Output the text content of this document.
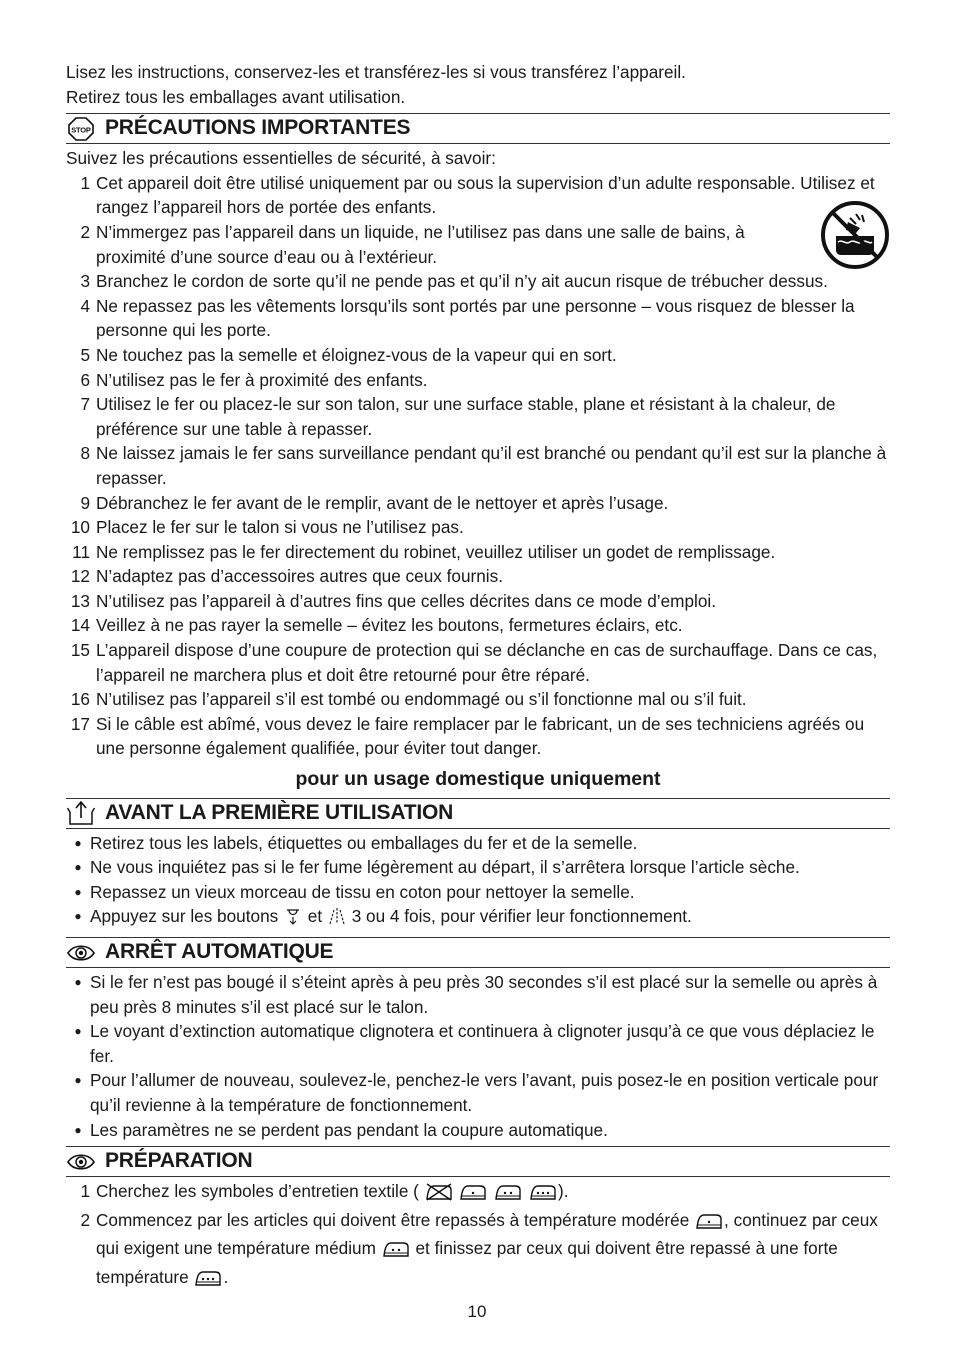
Lisez les instructions, conservez-les et transférez-les si vous transférez l’appareil.

Retirez tous les emballages avant utilisation.

STOP PRÉCAUTIONS IMPORTANTES

Suivez les précautions essentielles de sécurité, à savoir:

1 Cet appareil doit être utilisé uniquement par ou sous la supervision d’un adulte responsable. Utilisez et rangez l’appareil hors de portée des enfants.
2 N’immergez pas l’appareil dans un liquide, ne l’utilisez pas dans une salle de bains, à proximité d’une source d’eau ou à l’extérieur.
3 Branchez le cordon de sorte qu’il ne pende pas et qu’il n’y ait aucun risque de trébucher dessus.
4 Ne repassez pas les vêtements lorsqu’ils sont portés par une personne – vous risquez de blesser la personne qui les porte.
5 Ne touchez pas la semelle et éloignez-vous de la vapeur qui en sort.
6 N’utilisez pas le fer à proximité des enfants.
7 Utilisez le fer ou placez-le sur son talon, sur une surface stable, plane et résistant à la chaleur, de préférence sur une table à repasser.
8 Ne laissez jamais le fer sans surveillance pendant qu’il est branché ou pendant qu’il est sur la planche à repasser.
9 Débranchez le fer avant de le remplir, avant de le nettoyer et après l’usage.
10 Placez le fer sur le talon si vous ne l’utilisez pas.
11 Ne remplissez pas le fer directement du robinet, veuillez utiliser un godet de remplissage.
12 N’adaptez pas d’accessoires autres que ceux fournis.
13 N’utilisez pas l’appareil à d’autres fins que celles décrites dans ce mode d’emploi.
14 Veillez à ne pas rayer la semelle – évitez les boutons, fermetures éclairs, etc.
15 L’appareil dispose d’une coupure de protection qui se déclanche en cas de surchauffage. Dans ce cas, l’appareil ne marchera plus et doit être retourné pour être réparé.
16 N’utilisez pas l’appareil s’il est tombé ou endommagé ou s’il fonctionne mal ou s’il fuit.
17 Si le câble est abîmé, vous devez le faire remplacer par le fabricant, un de ses techniciens agréés ou une personne également qualifiée, pour éviter tout danger.
pour un usage domestique uniquement
AVANT LA PREMIÈRE UTILISATION
● Retirez tous les labels, étiquettes ou emballages du fer et de la semelle.
● Ne vous inquiétez pas si le fer fume légèrement au départ, il s’arrêtera lorsque l’article sèche.
● Repassez un vieux morceau de tissu en coton pour nettoyer la semelle.
● Appuyez sur les boutons et 3 ou 4 fois, pour vérifier leur fonctionnement.
ARRÊT AUTOMATIQUE
● Si le fer n’est pas bougé il s’éteint après à peu près 30 secondes s’il est placé sur la semelle ou après à peu près 8 minutes s’il est placé sur le talon.
● Le voyant d’extinction automatique clignotera et continuera à clignoter jusqu’à ce que vous déplaciez le fer.
● Pour l’allumer de nouveau, soulevez-le, penchez-le vers l’avant, puis posez-le en position verticale pour qu’il revienne à la température de fonctionnement.
● Les paramètres ne se perdent pas pendant la coupure automatique.
PRÉPARATION
1 Cherchez les symboles d’entretien textile (	).
2 Commencez par les articles qui doivent être repassés à température modérée , continuez par ceux qui exigent une température médium et finissez par ceux qui doivent être repassé à une forte température .
10
